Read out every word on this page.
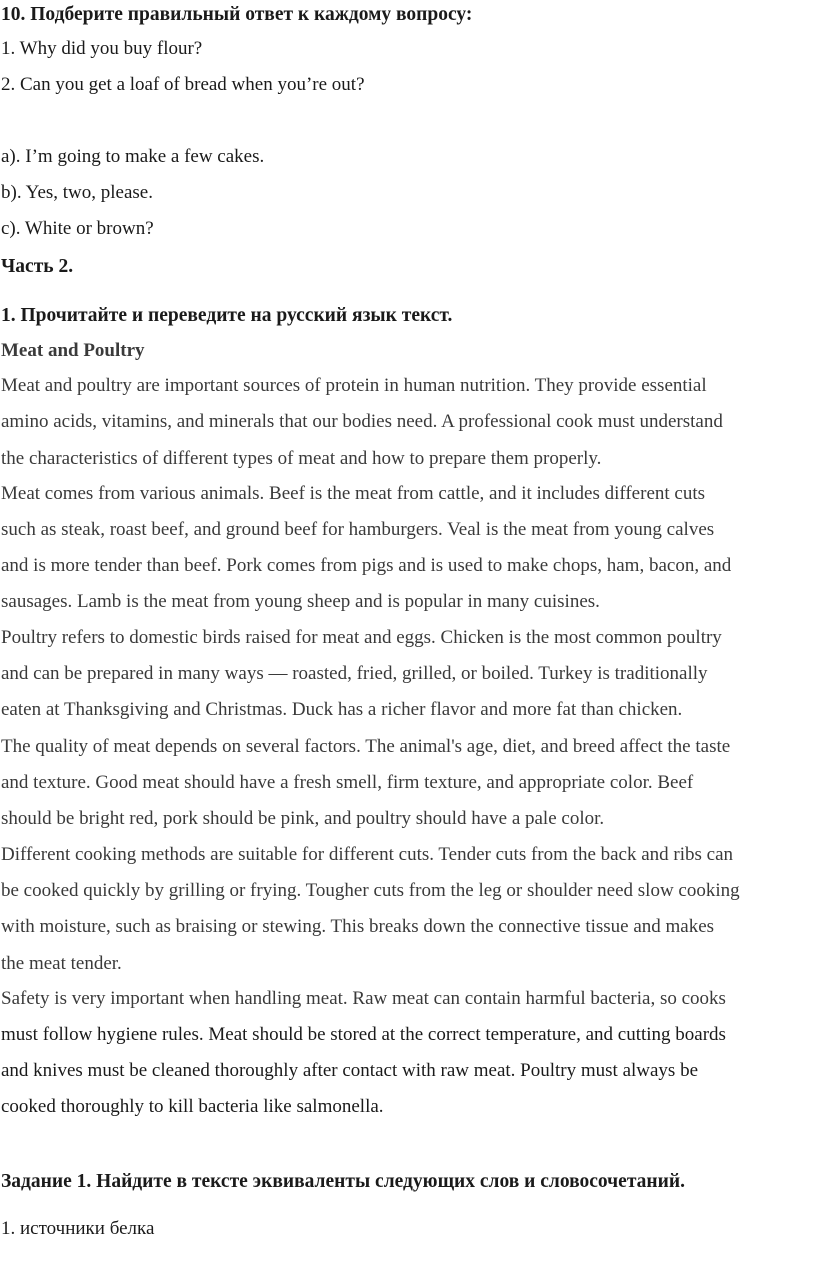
10. Подберите правильный ответ к каждому вопросу:
1. Why did you buy flour?
2. Can you get a loaf of bread when you’re out?
a). I’m going to make a few cakes.
b). Yes, two, please.
c). White or brown?
Часть 2.
1. Прочитайте и переведите на русский язык текст.
Meat and Poultry
Meat and poultry are important sources of protein in human nutrition. They provide essential
amino acids, vitamins, and minerals that our bodies need. A professional cook must understand
the characteristics of different types of meat and how to prepare them properly.
Meat comes from various animals. Beef is the meat from cattle, and it includes different cuts
such as steak, roast beef, and ground beef for hamburgers. Veal is the meat from young calves
and is more tender than beef. Pork comes from pigs and is used to make chops, ham, bacon, and
sausages. Lamb is the meat from young sheep and is popular in many cuisines.
Poultry refers to domestic birds raised for meat and eggs. Chicken is the most common poultry
and can be prepared in many ways — roasted, fried, grilled, or boiled. Turkey is traditionally
eaten at Thanksgiving and Christmas. Duck has a richer flavor and more fat than chicken.
The quality of meat depends on several factors. The animal's age, diet, and breed affect the taste
and texture. Good meat should have a fresh smell, firm texture, and appropriate color. Beef
should be bright red, pork should be pink, and poultry should have a pale color.
Different cooking methods are suitable for different cuts. Tender cuts from the back and ribs can
be cooked quickly by grilling or frying. Tougher cuts from the leg or shoulder need slow cooking
with moisture, such as braising or stewing. This breaks down the connective tissue and makes
the meat tender.
Safety is very important when handling meat. Raw meat can contain harmful bacteria, so cooks
must follow hygiene rules. Meat should be stored at the correct temperature, and cutting boards
and knives must be cleaned thoroughly after contact with raw meat. Poultry must always be
cooked thoroughly to kill bacteria like salmonella.
Задание 1. Найдите в тексте эквиваленты следующих слов и словосочетаний.
1. источники белка
